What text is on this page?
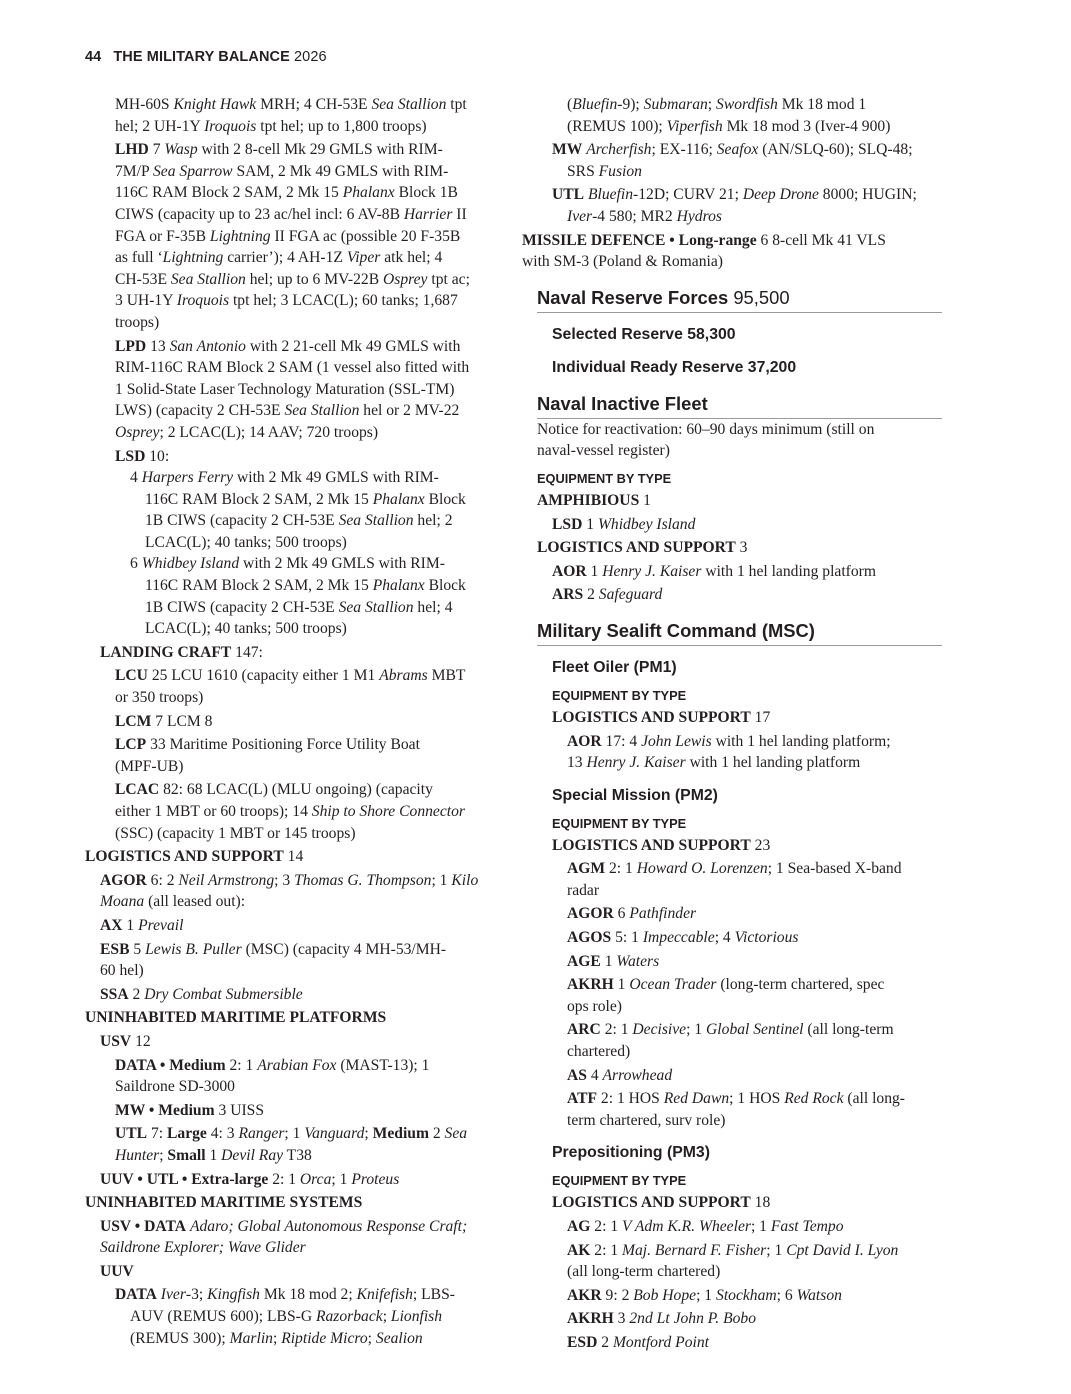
44 THE MILITARY BALANCE 2026
MH-60S Knight Hawk MRH; 4 CH-53E Sea Stallion tpt
hel; 2 UH-1Y Iroquois tpt hel; up to 1,800 troops)
LHD 7 Wasp with 2 8-cell Mk 29 GMLS with RIM-
7M/P Sea Sparrow SAM, 2 Mk 49 GMLS with RIM-
116C RAM Block 2 SAM, 2 Mk 15 Phalanx Block 1B
CIWS (capacity up to 23 ac/hel incl: 6 AV-8B Harrier II
FGA or F-35B Lightning II FGA ac (possible 20 F-35B
as full ‘Lightning carrier’); 4 AH-1Z Viper atk hel; 4
CH-53E Sea Stallion hel; up to 6 MV-22B Osprey tpt ac;
3 UH-1Y Iroquois tpt hel; 3 LCAC(L); 60 tanks; 1,687
troops)
LPD 13 San Antonio with 2 21-cell Mk 49 GMLS with
RIM-116C RAM Block 2 SAM (1 vessel also fitted with
1 Solid-State Laser Technology Maturation (SSL-TM)
LWS) (capacity 2 CH-53E Sea Stallion hel or 2 MV-22
Osprey; 2 LCAC(L); 14 AAV; 720 troops)
LSD 10:
4 Harpers Ferry with 2 Mk 49 GMLS with RIM-
116C RAM Block 2 SAM, 2 Mk 15 Phalanx Block
1B CIWS (capacity 2 CH-53E Sea Stallion hel; 2
LCAC(L); 40 tanks; 500 troops)
6 Whidbey Island with 2 Mk 49 GMLS with RIM-
116C RAM Block 2 SAM, 2 Mk 15 Phalanx Block
1B CIWS (capacity 2 CH-53E Sea Stallion hel; 4
LCAC(L); 40 tanks; 500 troops)
LANDING CRAFT 147:
LCU 25 LCU 1610 (capacity either 1 M1 Abrams MBT
or 350 troops)
LCM 7 LCM 8
LCP 33 Maritime Positioning Force Utility Boat
(MPF-UB)
LCAC 82: 68 LCAC(L) (MLU ongoing) (capacity
either 1 MBT or 60 troops); 14 Ship to Shore Connector
(SSC) (capacity 1 MBT or 145 troops)
LOGISTICS AND SUPPORT 14
AGOR 6: 2 Neil Armstrong; 3 Thomas G. Thompson; 1 Kilo
Moana (all leased out):
AX 1 Prevail
ESB 5 Lewis B. Puller (MSC) (capacity 4 MH-53/MH-
60 hel)
SSA 2 Dry Combat Submersible
UNINHABITED MARITIME PLATFORMS
USV 12
DATA • Medium 2: 1 Arabian Fox (MAST-13); 1
Saildrone SD-3000
MW • Medium 3 UISS
UTL 7: Large 4: 3 Ranger; 1 Vanguard; Medium 2 Sea
Hunter; Small 1 Devil Ray T38
UUV • UTL • Extra-large 2: 1 Orca; 1 Proteus
UNINHABITED MARITIME SYSTEMS
USV • DATA Adaro; Global Autonomous Response Craft;
Saildrone Explorer; Wave Glider
UUV
DATA Iver-3; Kingfish Mk 18 mod 2; Knifefish; LBS-
AUV (REMUS 600); LBS-G Razorback; Lionfish
(REMUS 300); Marlin; Riptide Micro; Sealion
(Bluefin-9); Submaran; Swordfish Mk 18 mod 1
(REMUS 100); Viperfish Mk 18 mod 3 (Iver-4 900)
MW Archerfish; EX-116; Seafox (AN/SLQ-60); SLQ-48;
SRS Fusion
UTL Bluefin-12D; CURV 21; Deep Drone 8000; HUGIN;
Iver-4 580; MR2 Hydros
MISSILE DEFENCE • Long-range 6 8-cell Mk 41 VLS
with SM-3 (Poland & Romania)
Naval Reserve Forces 95,500
Selected Reserve 58,300
Individual Ready Reserve 37,200
Naval Inactive Fleet
Notice for reactivation: 60–90 days minimum (still on
naval-vessel register)
EQUIPMENT BY TYPE
AMPHIBIOUS 1
LSD 1 Whidbey Island
LOGISTICS AND SUPPORT 3
AOR 1 Henry J. Kaiser with 1 hel landing platform
ARS 2 Safeguard
Military Sealift Command (MSC)
Fleet Oiler (PM1)
EQUIPMENT BY TYPE
LOGISTICS AND SUPPORT 17
AOR 17: 4 John Lewis with 1 hel landing platform;
13 Henry J. Kaiser with 1 hel landing platform
Special Mission (PM2)
EQUIPMENT BY TYPE
LOGISTICS AND SUPPORT 23
AGM 2: 1 Howard O. Lorenzen; 1 Sea-based X-band
radar
AGOR 6 Pathfinder
AGOS 5: 1 Impeccable; 4 Victorious
AGE 1 Waters
AKRH 1 Ocean Trader (long-term chartered, spec
ops role)
ARC 2: 1 Decisive; 1 Global Sentinel (all long-term
chartered)
AS 4 Arrowhead
ATF 2: 1 HOS Red Dawn; 1 HOS Red Rock (all long-
term chartered, surv role)
Prepositioning (PM3)
EQUIPMENT BY TYPE
LOGISTICS AND SUPPORT 18
AG 2: 1 V Adm K.R. Wheeler; 1 Fast Tempo
AK 2: 1 Maj. Bernard F. Fisher; 1 Cpt David I. Lyon
(all long-term chartered)
AKR 9: 2 Bob Hope; 1 Stockham; 6 Watson
AKRH 3 2nd Lt John P. Bobo
ESD 2 Montford Point
